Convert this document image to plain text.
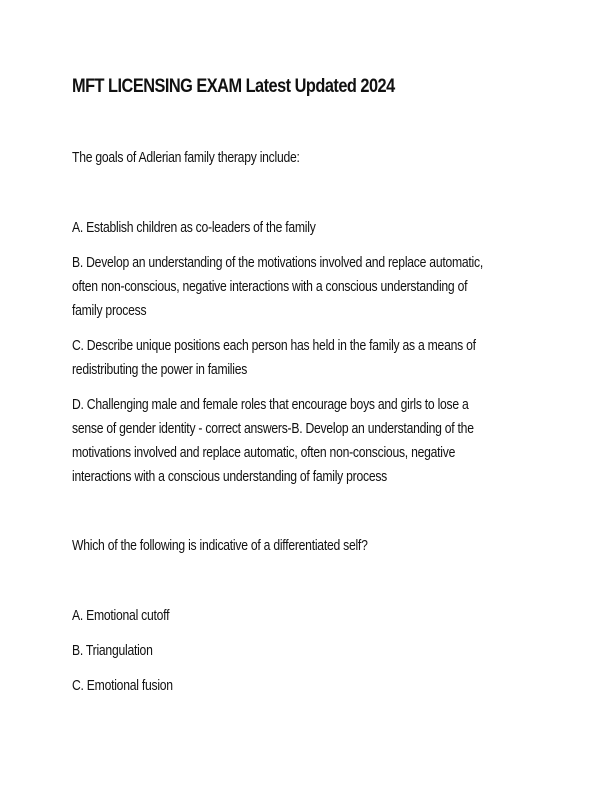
MFT LICENSING EXAM Latest Updated 2024
The goals of Adlerian family therapy include:
A. Establish children as co-leaders of the family
B. Develop an understanding of the motivations involved and replace automatic,
often non-conscious, negative interactions with a conscious understanding of
family process
C. Describe unique positions each person has held in the family as a means of
redistributing the power in families
D. Challenging male and female roles that encourage boys and girls to lose a
sense of gender identity - correct answers-B. Develop an understanding of the
motivations involved and replace automatic, often non-conscious, negative
interactions with a conscious understanding of family process
Which of the following is indicative of a differentiated self?
A. Emotional cutoff
B. Triangulation
C. Emotional fusion
